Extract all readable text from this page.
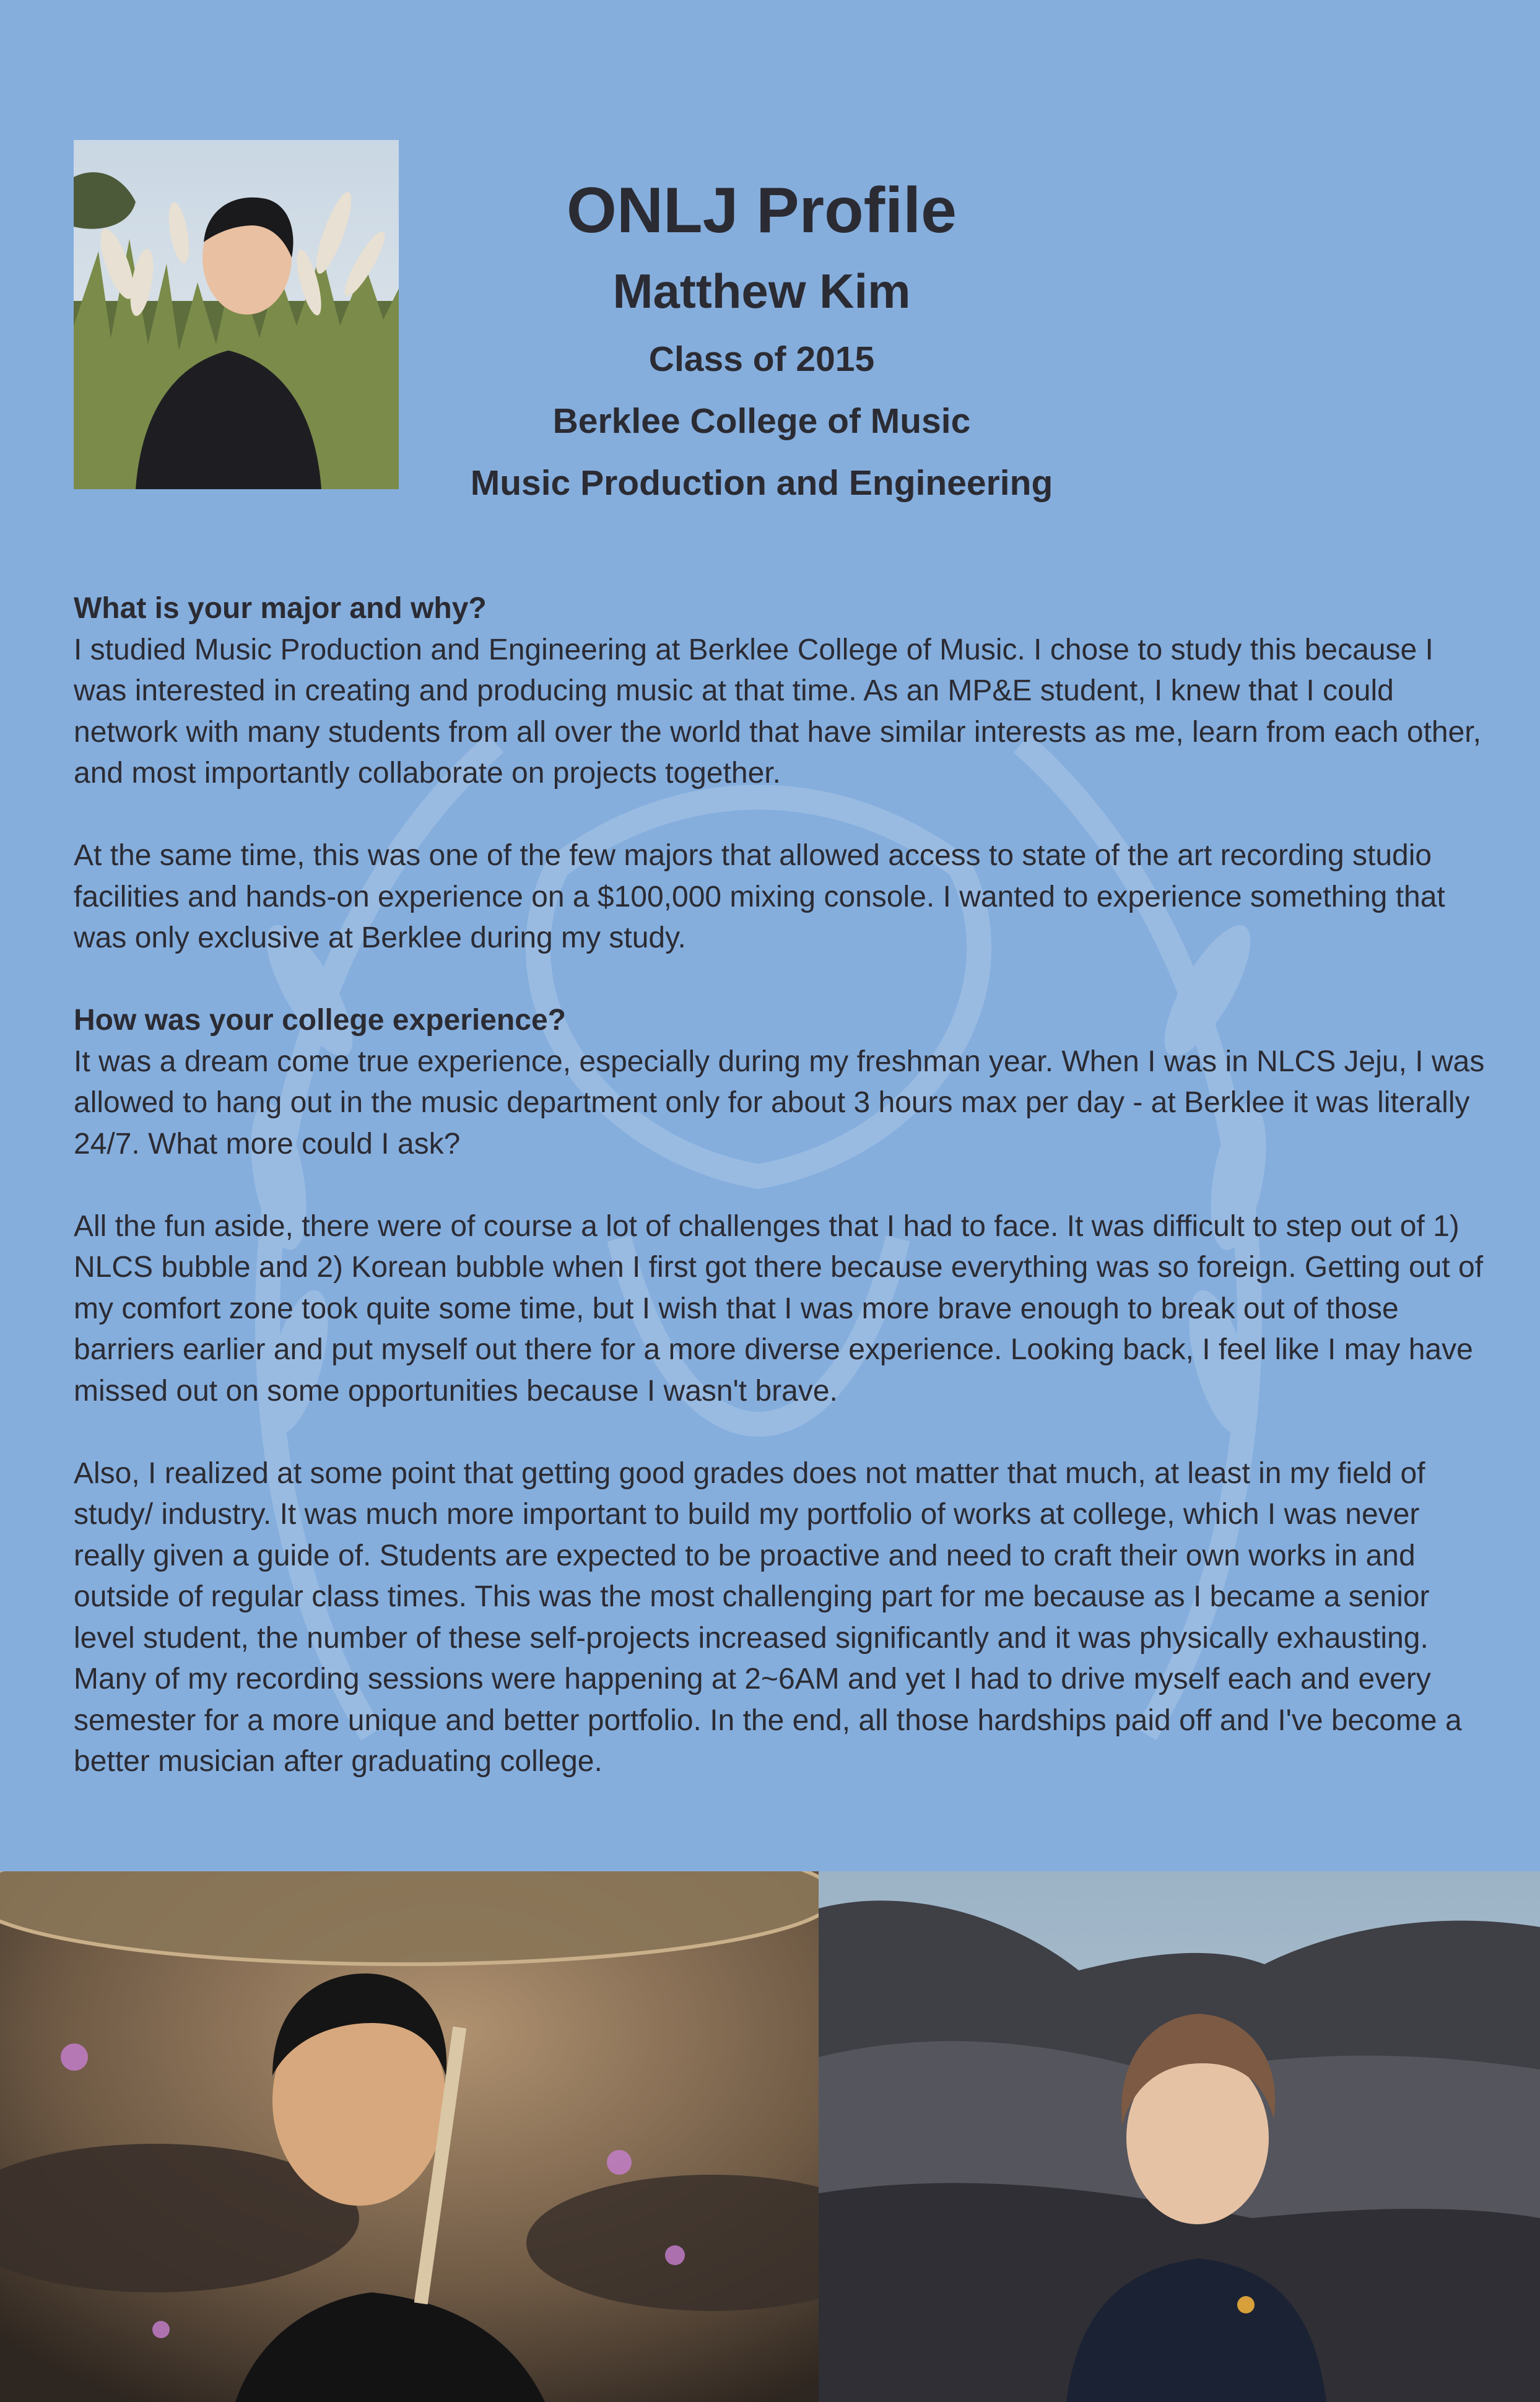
ONLJ Profile
Matthew Kim
Class of 2015
Berklee College of Music
Music Production and Engineering

What is your major and why?

I studied Music Production and Engineering at Berklee College of Music. I chose to study this because I was interested in creating and producing music at that time. As an MP&E student, I knew that I could network with many students from all over the world that have similar interests as me, learn from each other, and most importantly collaborate on projects together.

At the same time, this was one of the few majors that allowed access to state of the art recording studio facilities and hands-on experience on a $100,000 mixing console. I wanted to experience something that was only exclusive at Berklee during my study.

How was your college experience?

It was a dream come true experience, especially during my freshman year. When I was in NLCS Jeju, I was allowed to hang out in the music department only for about 3 hours max per day - at Berklee it was literally 24/7. What more could I ask?

All the fun aside, there were of course a lot of challenges that I had to face. It was difficult to step out of 1) NLCS bubble and 2) Korean bubble when I first got there because everything was so foreign. Getting out of my comfort zone took quite some time, but I wish that I was more brave enough to break out of those barriers earlier and put myself out there for a more diverse experience. Looking back, I feel like I may have missed out on some opportunities because I wasn't brave.

Also, I realized at some point that getting good grades does not matter that much, at least in my field of study/ industry. It was much more important to build my portfolio of works at college, which I was never really given a guide of. Students are expected to be proactive and need to craft their own works in and outside of regular class times. This was the most challenging part for me because as I became a senior level student, the number of these self-projects increased significantly and it was physically exhausting. Many of my recording sessions were happening at 2~6AM and yet I had to drive myself each and every semester for a more unique and better portfolio. In the end, all those hardships paid off and I've become a better musician after graduating college.
